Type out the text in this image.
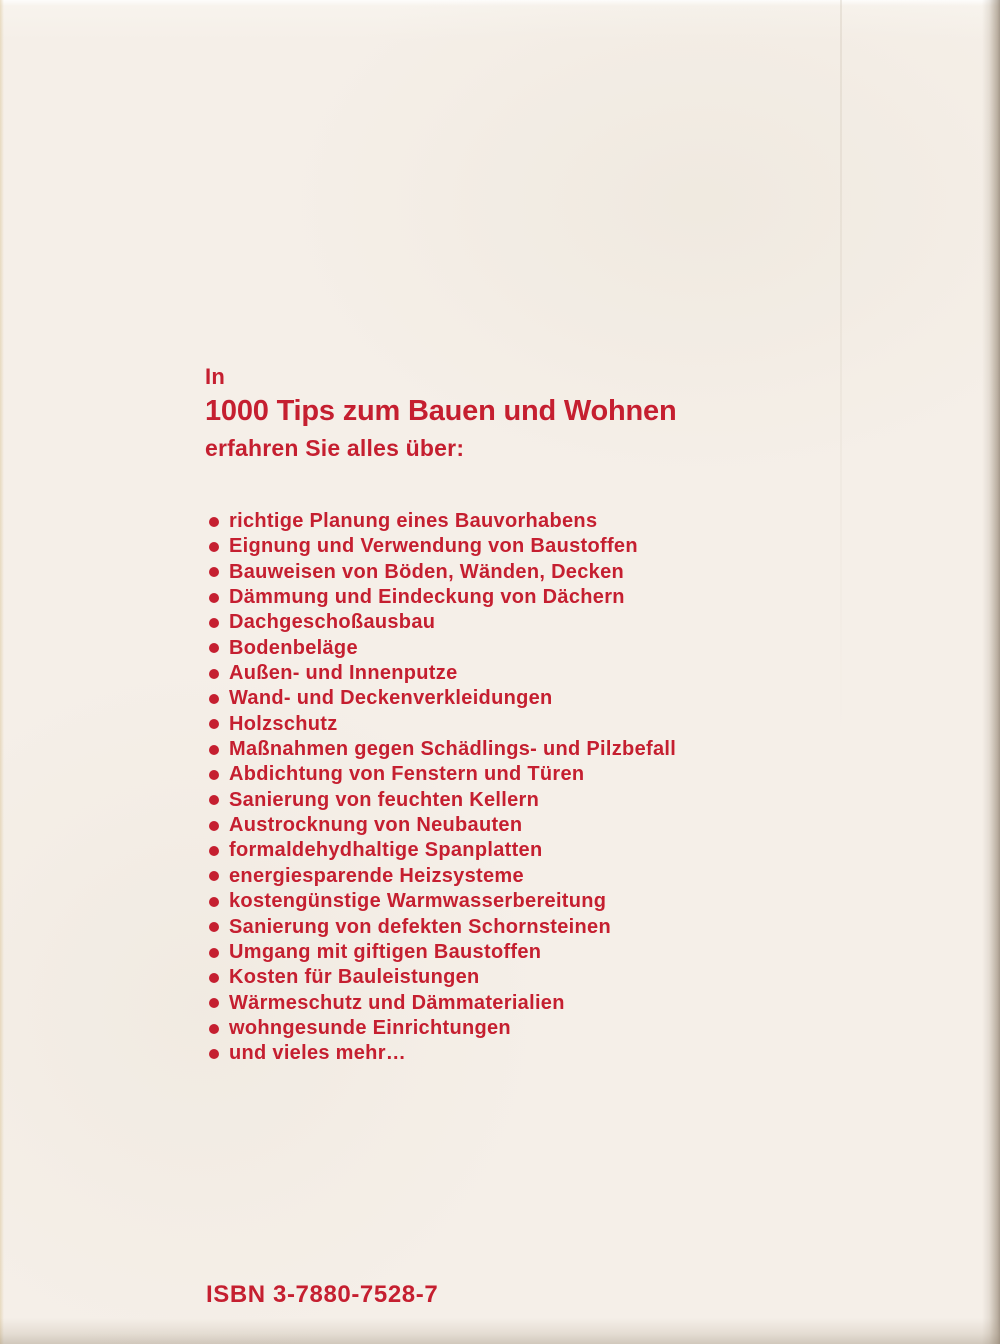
In
1000 Tips zum Bauen und Wohnen
erfahren Sie alles über:
richtige Planung eines Bauvorhabens
Eignung und Verwendung von Baustoffen
Bauweisen von Böden, Wänden, Decken
Dämmung und Eindeckung von Dächern
Dachgeschoßausbau
Bodenbeläge
Außen- und Innenputze
Wand- und Deckenverkleidungen
Holzschutz
Maßnahmen gegen Schädlings- und Pilzbefall
Abdichtung von Fenstern und Türen
Sanierung von feuchten Kellern
Austrocknung von Neubauten
formaldehydhaltige Spanplatten
energiesparende Heizsysteme
kostengünstige Warmwasserbereitung
Sanierung von defekten Schornsteinen
Umgang mit giftigen Baustoffen
Kosten für Bauleistungen
Wärmeschutz und Dämmaterialien
wohngesunde Einrichtungen
und vieles mehr…
ISBN 3-7880-7528-7
